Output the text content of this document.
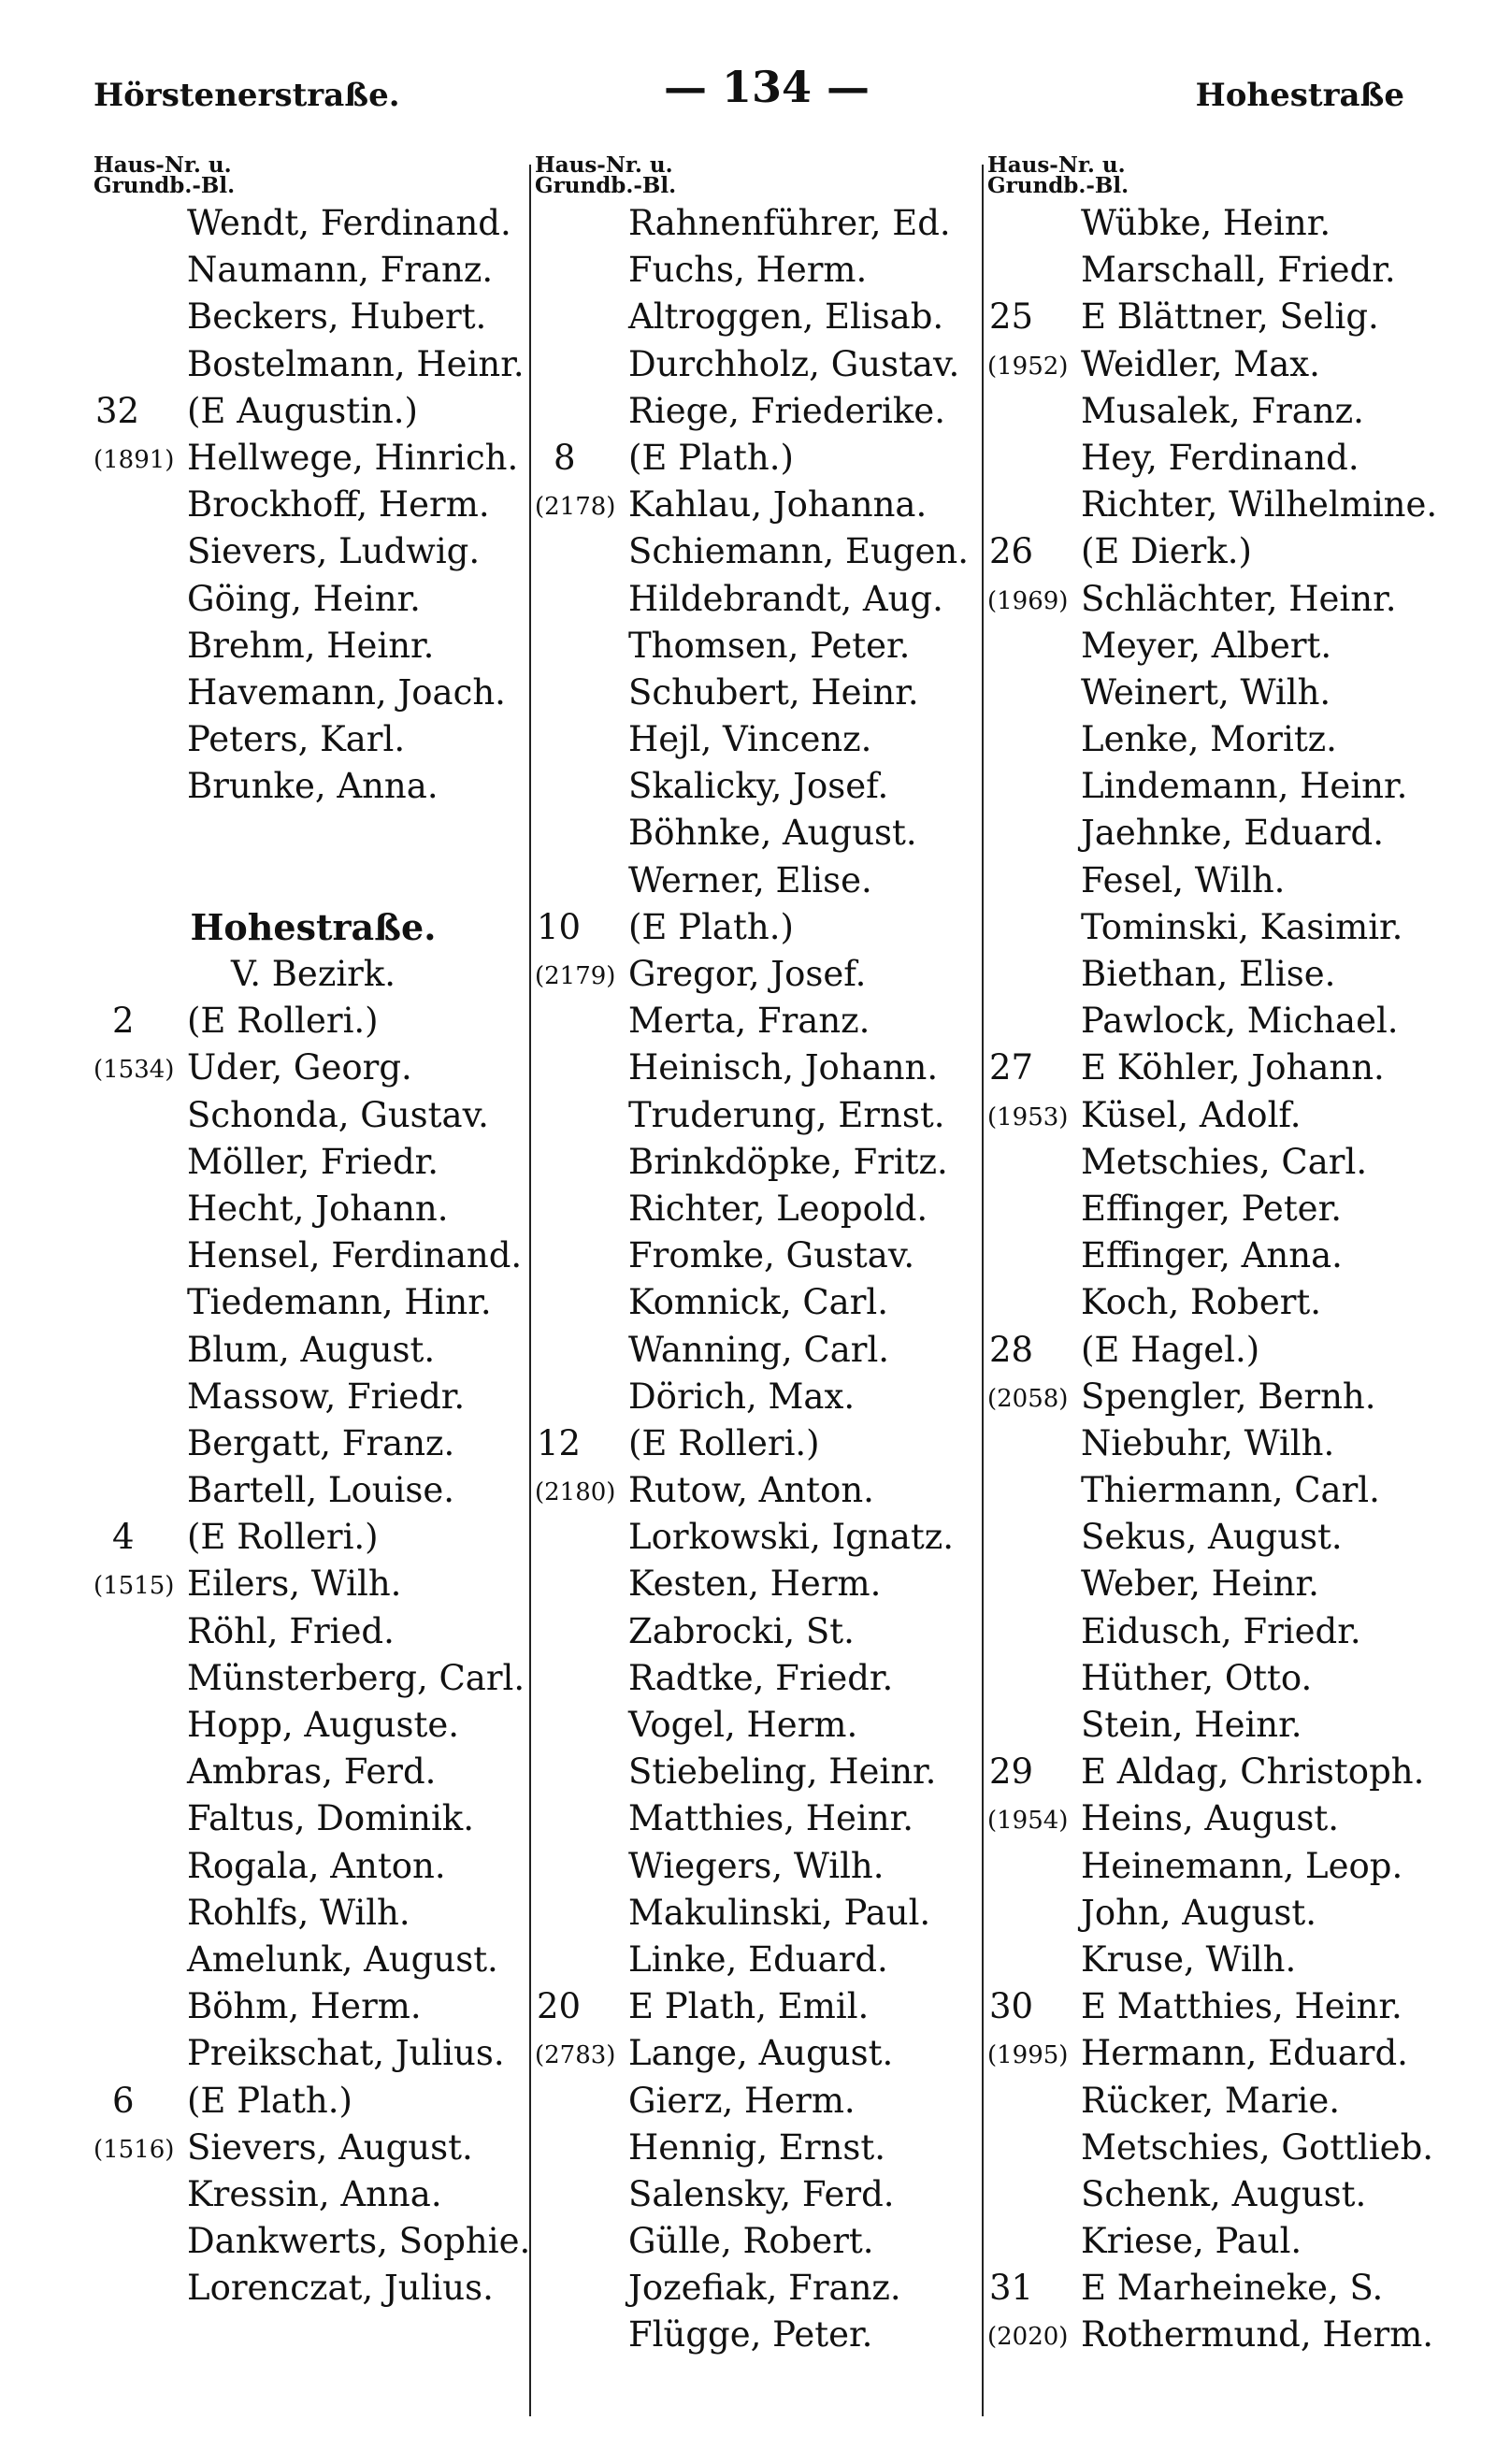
Hörstenerstraße.	— 134 —	Hohestraße
Haus-Nr. u.
Grundb.-Bl.
Wendt, Ferdinand.
Naumann, Franz.
Beckers, Hubert.
Bostelmann, Heinr.
32 (E Augustin.)
(1891) Hellwege, Hinrich.
Brockhoff, Herm.
Sievers, Ludwig.
Göing, Heinr.
Brehm, Heinr.
Havemann, Joach.
Peters, Karl.
Brunke, Anna.
Hohestraße.
V. Bezirk.
2 (E Rolleri.)
(1534) Uder, Georg.
Schonda, Gustav.
Möller, Friedr.
Hecht, Johann.
Hensel, Ferdinand.
Tiedemann, Hinr.
Blum, August.
Massow, Friedr.
Bergatt, Franz.
Bartell, Louise.
4 (E Rolleri.)
(1515) Eilers, Wilh.
Röhl, Fried.
Münsterberg, Carl.
Hopp, Auguste.
Ambras, Ferd.
Faltus, Dominik.
Rogala, Anton.
Rohlfs, Wilh.
Amelunk, August.
Böhm, Herm.
Preikschat, Julius.
6 (E Plath.)
(1516) Sievers, August.
Kressin, Anna.
Dankwerts, Sophie.
Lorenczat, Julius.
Haus-Nr. u.
Grundb.-Bl.
Rahnenführer, Ed.
Fuchs, Herm.
Altroggen, Elisab.
Durchholz, Gustav.
Riege, Friederike.
8 (E Plath.)
(2178) Kahlau, Johanna.
Schiemann, Eugen.
Hildebrandt, Aug.
Thomsen, Peter.
Schubert, Heinr.
Hejl, Vincenz.
Skalicky, Josef.
Böhnke, August.
Werner, Elise.
10 (E Plath.)
(2179) Gregor, Josef.
Merta, Franz.
Heinisch, Johann.
Truderung, Ernst.
Brinkdöpke, Fritz.
Richter, Leopold.
Fromke, Gustav.
Komnick, Carl.
Wanning, Carl.
Dörich, Max.
12 (E Rolleri.)
(2180) Rutow, Anton.
Lorkowski, Ignatz.
Kesten, Herm.
Zabrocki, St.
Radtke, Friedr.
Vogel, Herm.
Stiebeling, Heinr.
Matthies, Heinr.
Wiegers, Wilh.
Makulinski, Paul.
Linke, Eduard.
20 E Plath, Emil.
(2783) Lange, August.
Gierz, Herm.
Hennig, Ernst.
Salensky, Ferd.
Gülle, Robert.
Jozefiak, Franz.
Flügge, Peter.
Haus-Nr. u.
Grundb.-Bl.
Wübke, Heinr.
Marschall, Friedr.
25 E Blättner, Selig.
(1952) Weidler, Max.
Musalek, Franz.
Hey, Ferdinand.
Richter, Wilhelmine.
26 (E Dierk.)
(1969) Schlächter, Heinr.
Meyer, Albert.
Weinert, Wilh.
Lenke, Moritz.
Lindemann, Heinr.
Jaehnke, Eduard.
Fesel, Wilh.
Tominski, Kasimir.
Biethan, Elise.
Pawlock, Michael.
27 E Köhler, Johann.
(1953) Küsel, Adolf.
Metschies, Carl.
Effinger, Peter.
Effinger, Anna.
Koch, Robert.
28 (E Hagel.)
(2058) Spengler, Bernh.
Niebuhr, Wilh.
Thiermann, Carl.
Sekus, August.
Weber, Heinr.
Eidusch, Friedr.
Hüther, Otto.
Stein, Heinr.
29 E Aldag, Christoph.
(1954) Heins, August.
Heinemann, Leop.
John, August.
Kruse, Wilh.
30 E Matthies, Heinr.
(1995) Hermann, Eduard.
Rücker, Marie.
Metschies, Gottlieb.
Schenk, August.
Kriese, Paul.
31 E Marheineke, S.
(2020) Rothermund, Herm.
